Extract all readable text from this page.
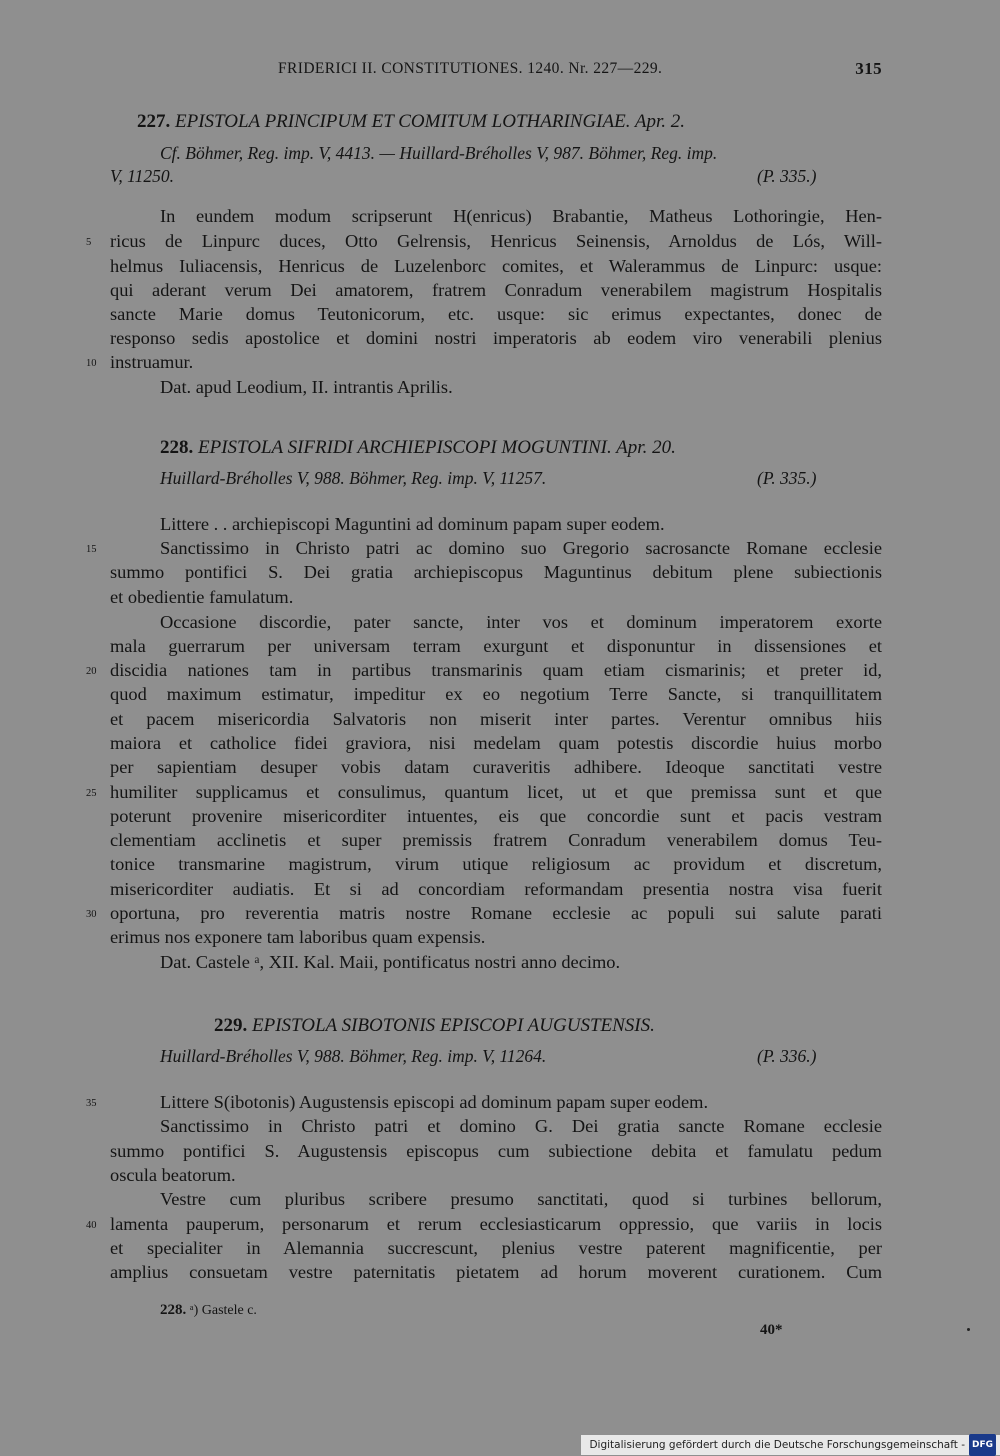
FRIDERICI II. CONSTITUTIONES. 1240. Nr. 227—229.	315
227. EPISTOLA PRINCIPUM ET COMITUM LOTHARINGIAE. Apr. 2.
Cf. Böhmer, Reg. imp. V, 4413. — Huillard-Bréholles V, 987. Böhmer, Reg. imp.
V, 11250.	(P. 335.)
In eundem modum scripserunt H(enricus) Brabantie, Matheus Lothoringie, Hen-
ricus de Linpurc duces, Otto Gelrensis, Henricus Seinensis, Arnoldus de Lós, Will-
helmus Iuliacensis, Henricus de Luzelenborc comites, et Walerammus de Linpurc: usque:
qui aderant verum Dei amatorem, fratrem Conradum venerabilem magistrum Hospitalis
sancte Marie domus Teutonicorum, etc. usque: sic erimus expectantes, donec de
responso sedis apostolice et domini nostri imperatoris ab eodem viro venerabili plenius
instruamur.
Dat. apud Leodium, II. intrantis Aprilis.
228. EPISTOLA SIFRIDI ARCHIEPISCOPI MOGUNTINI. Apr. 20.
Huillard-Bréholles V, 988. Böhmer, Reg. imp. V, 11257.	(P. 335.)
Littere . . archiepiscopi Maguntini ad dominum papam super eodem.
Sanctissimo in Christo patri ac domino suo Gregorio sacrosancte Romane ecclesie
summo pontifici S. Dei gratia archiepiscopus Maguntinus debitum plene subiectionis
et obedientie famulatum.
Occasione discordie, pater sancte, inter vos et dominum imperatorem exorte
mala guerrarum per universam terram exurgunt et disponuntur in dissensiones et
discidia nationes tam in partibus transmarinis quam etiam cismarinis; et preter id,
quod maximum estimatur, impeditur ex eo negotium Terre Sancte, si tranquillitatem
et pacem misericordia Salvatoris non miserit inter partes. Verentur omnibus hiis
maiora et catholice fidei graviora, nisi medelam quam potestis discordie huius morbo
per sapientiam desuper vobis datam curaveritis adhibere. Ideoque sanctitati vestre
humiliter supplicamus et consulimus, quantum licet, ut et que premissa sunt et que
poterunt provenire misericorditer intuentes, eis que concordie sunt et pacis vestram
clementiam acclinetis et super premissis fratrem Conradum venerabilem domus Teu-
tonice transmarine magistrum, virum utique religiosum ac providum et discretum,
misericorditer audiatis. Et si ad concordiam reformandam presentia nostra visa fuerit
oportuna, pro reverentia matris nostre Romane ecclesie ac populi sui salute parati
erimus nos exponere tam laboribus quam expensis.
Dat. Castele ᵃ, XII. Kal. Maii, pontificatus nostri anno decimo.
229. EPISTOLA SIBOTONIS EPISCOPI AUGUSTENSIS.
Huillard-Bréholles V, 988. Böhmer, Reg. imp. V, 11264.	(P. 336.)
Littere S(ibotonis) Augustensis episcopi ad dominum papam super eodem.
Sanctissimo in Christo patri et domino G. Dei gratia sancte Romane ecclesie
summo pontifici S. Augustensis episcopus cum subiectione debita et famulatu pedum
oscula beatorum.
Vestre cum pluribus scribere presumo sanctitati, quod si turbines bellorum,
lamenta pauperum, personarum et rerum ecclesiasticarum oppressio, que variis in locis
et specialiter in Alemannia succrescunt, plenius vestre paterent magnificentie, per
amplius consuetam vestre paternitatis pietatem ad horum moverent curationem. Cum
5
10
15
20
25
30
35
40
228. ᵃ) Gastele c.
40*
Digitalisierung gefördert durch die Deutsche Forschungsgemeinschaft - DFG
